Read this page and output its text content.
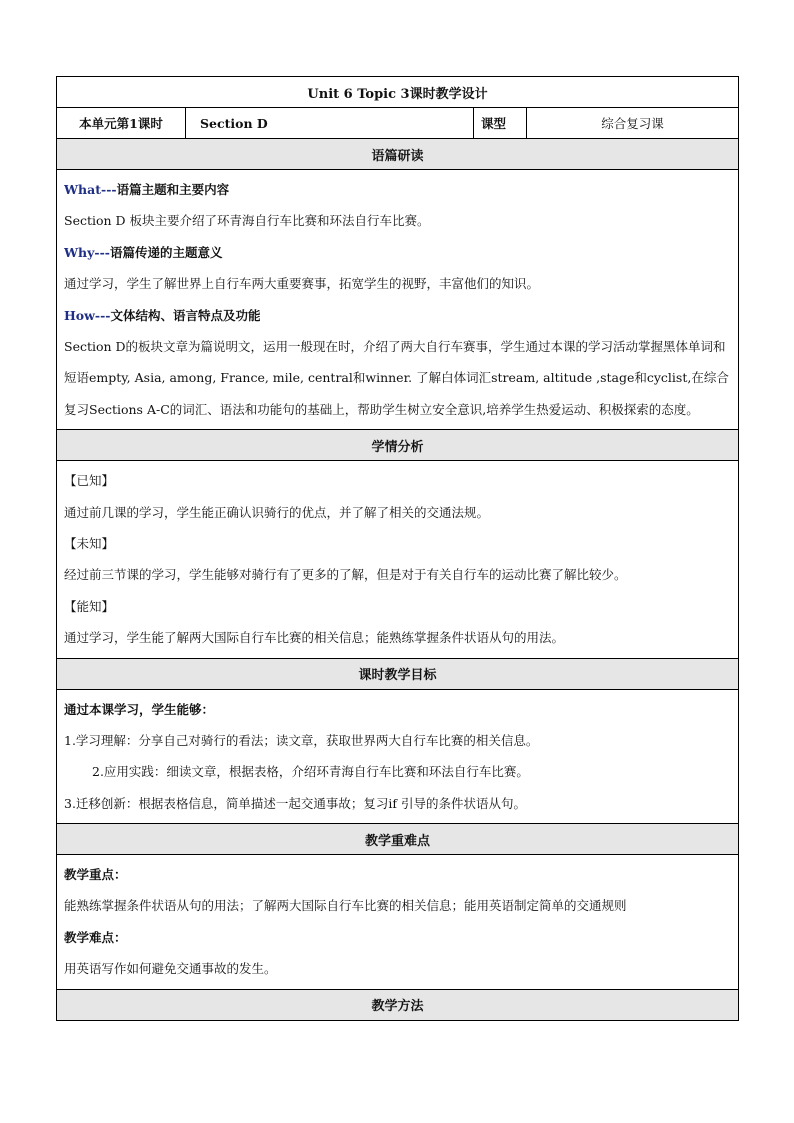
Unit 6 Topic 3课时教学设计
本单元第1课时	Section D	课型	综合复习课
语篇研读

What---语篇主题和主要内容
Section D 板块主要介绍了环青海自行车比赛和环法自行车比赛。
Why---语篇传递的主题意义
通过学习，学生了解世界上自行车两大重要赛事，拓宽学生的视野，丰富他们的知识。
How---文体结构、语言特点及功能

Section D的板块文章为篇说明文，运用一般现在时，介绍了两大自行车赛事，学生通过本课的学习活动掌握黑体单词和短语empty, Asia, among, France, mile, central和winner. 了解白体词汇stream, altitude ,stage和cyclist,在综合复习Sections A-C的词汇、语法和功能句的基础上，帮助学生树立安全意识,培养学生热爱运动、积极探索的态度。

学情分析

【已知】
通过前几课的学习，学生能正确认识骑行的优点，并了解了相关的交通法规。
【未知】
经过前三节课的学习，学生能够对骑行有了更多的了解，但是对于有关自行车的运动比赛了解比较少。
【能知】
通过学习，学生能了解两大国际自行车比赛的相关信息；能熟练掌握条件状语从句的用法。

课时教学目标

通过本课学习，学生能够：
1.学习理解：分享自己对骑行的看法；读文章，获取世界两大自行车比赛的相关信息。
2.应用实践：细读文章，根据表格，介绍环青海自行车比赛和环法自行车比赛。
3.迁移创新：根据表格信息，简单描述一起交通事故；复习if 引导的条件状语从句。

教学重难点

教学重点：
能熟练掌握条件状语从句的用法；了解两大国际自行车比赛的相关信息；能用英语制定简单的交通规则
教学难点：
用英语写作如何避免交通事故的发生。

教学方法
